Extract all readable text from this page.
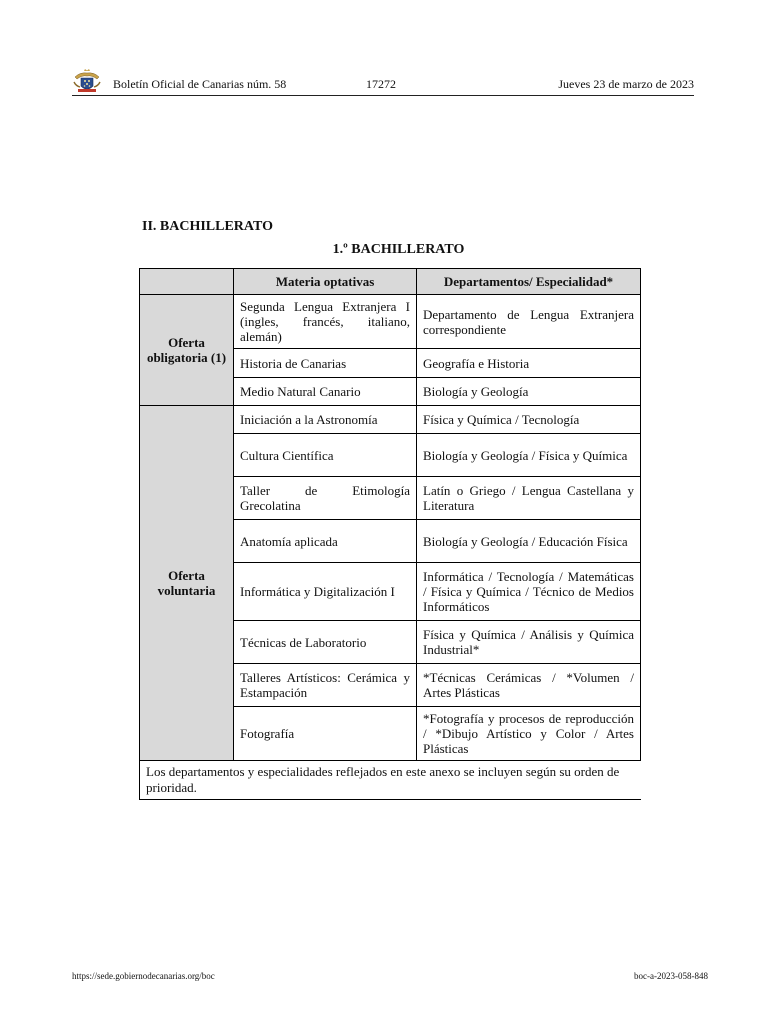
Boletín Oficial de Canarias núm. 58	17272	Jueves 23 de marzo de 2023
II. BACHILLERATO
1.º BACHILLERATO
	Materia optativas	Departamentos/ Especialidad*
Oferta obligatoria (1)	Segunda Lengua Extranjera I (ingles, francés, italiano, alemán)	Departamento de Lengua Extranjera correspondiente
	Historia de Canarias	Geografía e Historia
	Medio Natural Canario	Biología y Geología
Oferta voluntaria	Iniciación a la Astronomía	Física y Química / Tecnología
	Cultura Científica	Biología y Geología / Física y Química
	Taller de Etimología Grecolatina	Latín o Griego / Lengua Castellana y Literatura
	Anatomía aplicada	Biología y Geología / Educación Física
	Informática y Digitalización I	Informática / Tecnología / Matemáticas / Física y Química / Técnico de Medios Informáticos
	Técnicas de Laboratorio	Física y Química / Análisis y Química Industrial*
	Talleres Artísticos: Cerámica y Estampación	*Técnicas Cerámicas / *Volumen / Artes Plásticas
	Fotografía	*Fotografía y procesos de reproducción / *Dibujo Artístico y Color / Artes Plásticas
Los departamentos y especialidades reflejados en este anexo se incluyen según su orden de prioridad.		
https://sede.gobiernodecanarias.org/boc	boc-a-2023-058-848
